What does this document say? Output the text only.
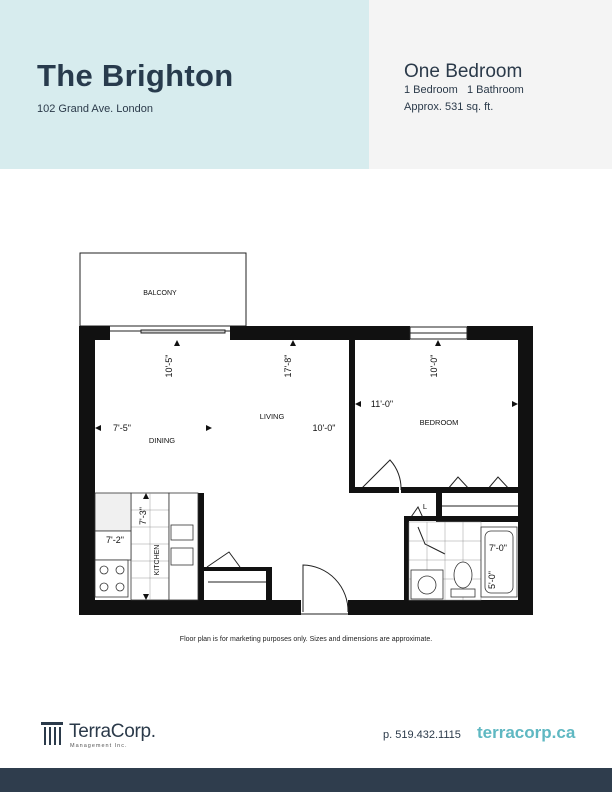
The Brighton
102 Grand Ave. London
One Bedroom
1 Bedroom   1 Bathroom
Approx. 531 sq. ft.
BALCONY
LIVING
DINING
BEDROOM
L
KITCHEN
7'-5"
10'-5"	17'-8"
10'-0"
11'-0"
10'-0"
7'-2"
7'-3"
7'-0"
5'-0"
Floor plan is for marketing purposes only. Sizes and dimensions are approximate.
TerraCorp.
Management Inc.
p. 519.432.1115 terracorp.ca
